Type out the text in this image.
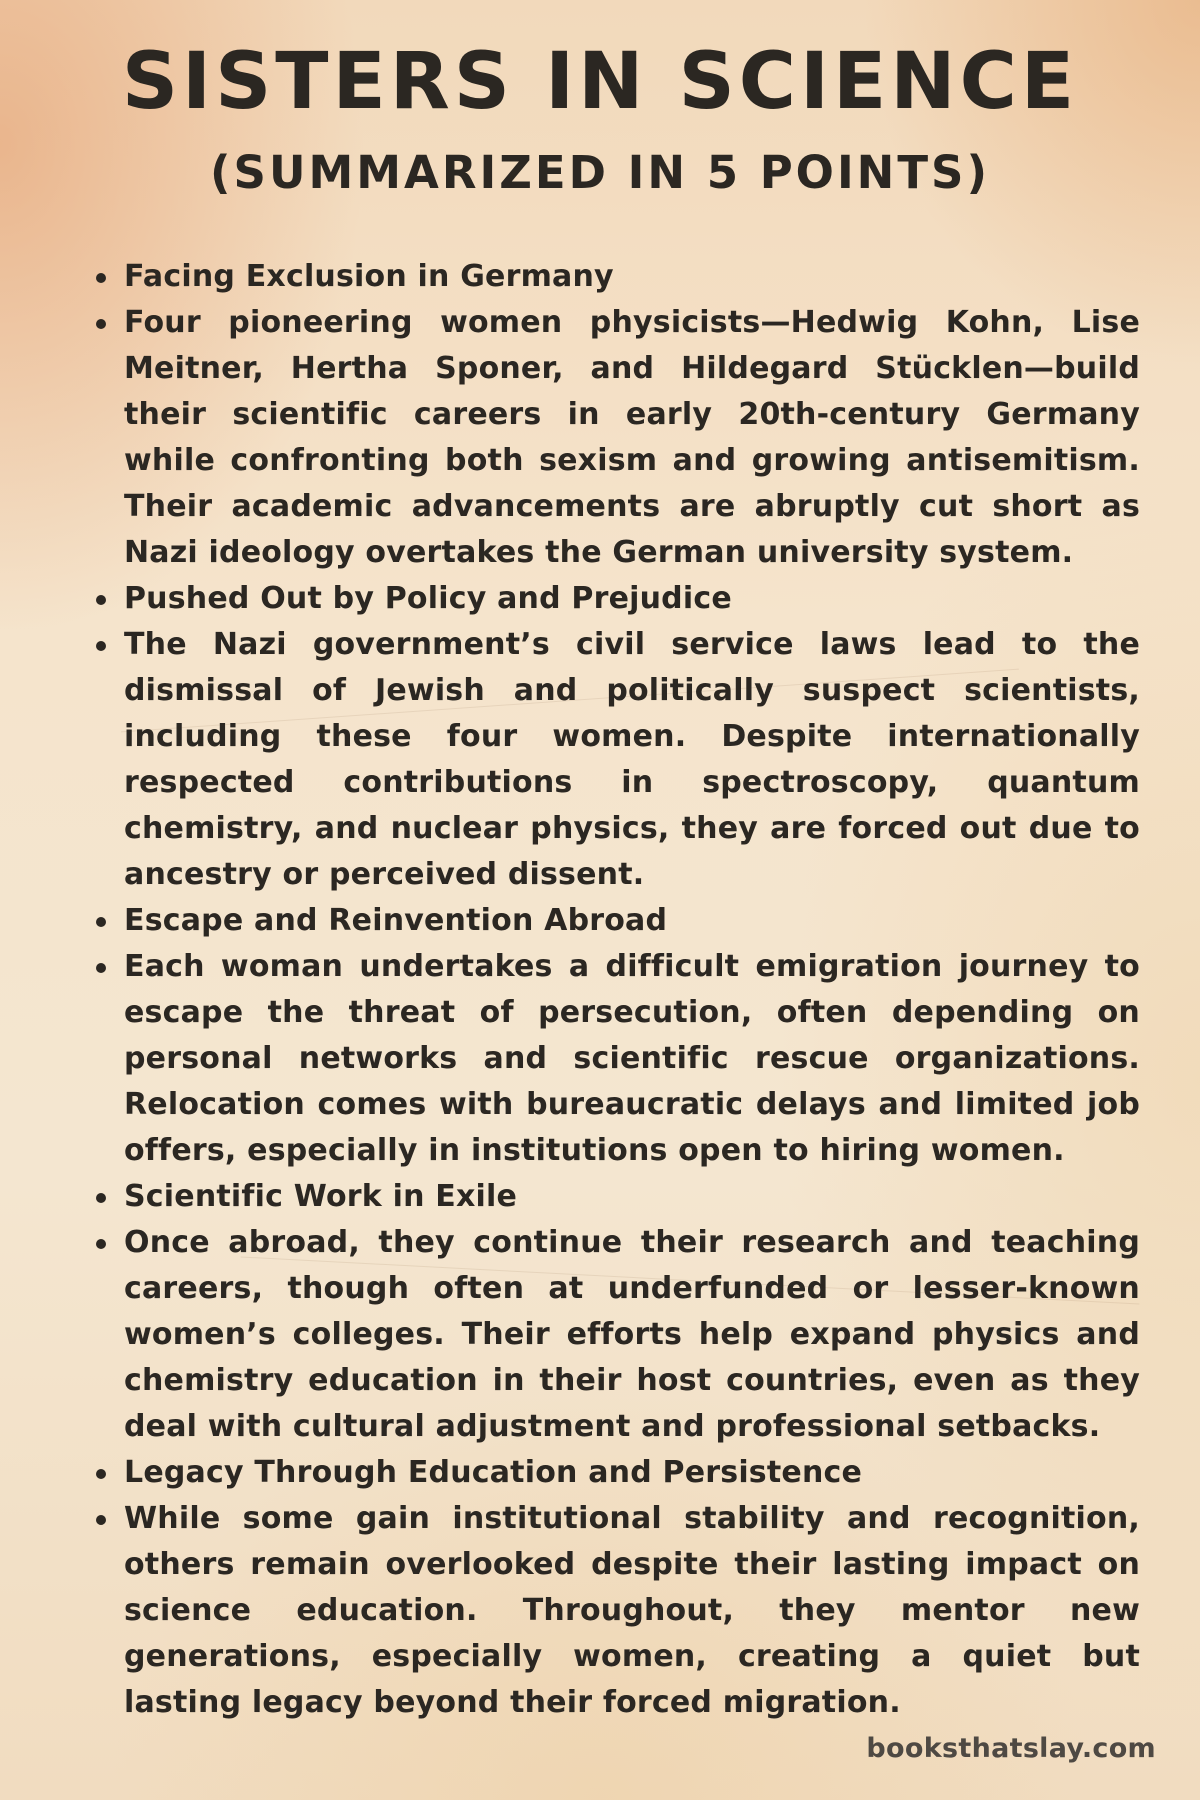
SISTERS IN SCIENCE
(SUMMARIZED IN 5 POINTS)
Facing Exclusion in Germany
Four pioneering women physicists—Hedwig Kohn, Lise Meitner, Hertha Sponer, and Hildegard Stücklen—build their scientific careers in early 20th-century Germany while confronting both sexism and growing antisemitism. Their academic advancements are abruptly cut short as Nazi ideology overtakes the German university system.
Pushed Out by Policy and Prejudice
The Nazi government’s civil service laws lead to the dismissal of Jewish and politically suspect scientists, including these four women. Despite internationally respected contributions in spectroscopy, quantum chemistry, and nuclear physics, they are forced out due to ancestry or perceived dissent.
Escape and Reinvention Abroad
Each woman undertakes a difficult emigration journey to escape the threat of persecution, often depending on personal networks and scientific rescue organizations. Relocation comes with bureaucratic delays and limited job offers, especially in institutions open to hiring women.
Scientific Work in Exile
Once abroad, they continue their research and teaching careers, though often at underfunded or lesser-known women’s colleges. Their efforts help expand physics and chemistry education in their host countries, even as they deal with cultural adjustment and professional setbacks.
Legacy Through Education and Persistence
While some gain institutional stability and recognition, others remain overlooked despite their lasting impact on science education. Throughout, they mentor new generations, especially women, creating a quiet but lasting legacy beyond their forced migration.
booksthatslay.com
